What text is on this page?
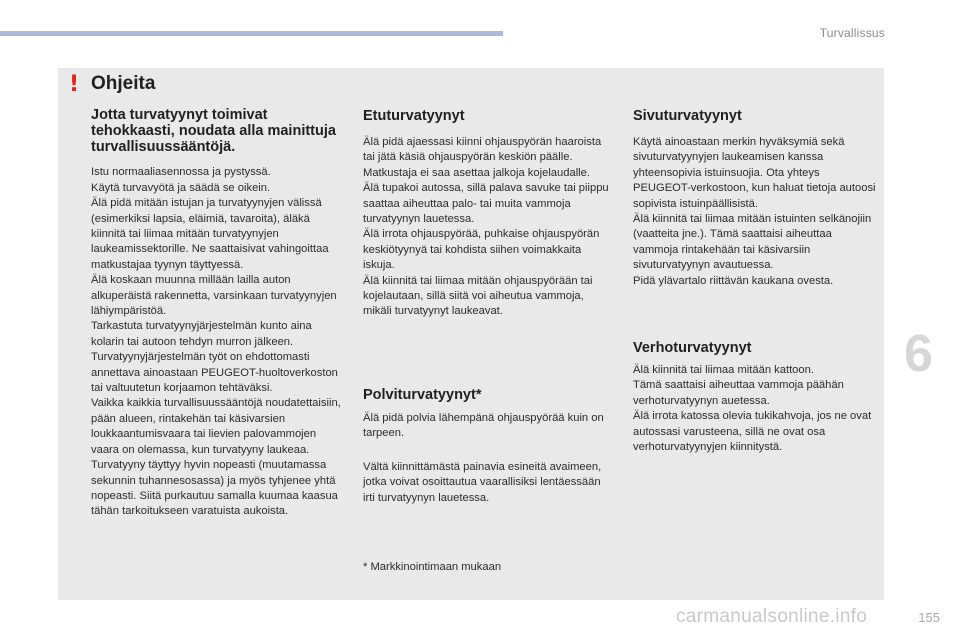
Turvallissus
! Ohjeita
Jotta turvatyynyt toimivat tehokkaasti, noudata alla mainittuja turvallisuussääntöjä.

Istu normaaliasennossa ja pystyssä.
Käytä turvavyötä ja säädä se oikein.
Älä pidä mitään istujan ja turvatyynyjen välissä (esimerkiksi lapsia, eläimiä, tavaroita), äläkä kiinnitä tai liimaa mitään turvatyynyjen laukeamissektorille. Ne saattaisivat vahingoittaa matkustajaa tyynyn täyttyessä.
Älä koskaan muunna millään lailla auton alkuperäistä rakennetta, varsinkaan turvatyynyjen lähiympäristöä.
Tarkastuta turvatyynyjärjestelmän kunto aina kolarin tai autoon tehdyn murron jälkeen.
Turvatyynyjärjestelmän työt on ehdottomasti annettava ainoastaan PEUGEOT-huoltoverkoston tai valtuutetun korjaamon tehtäväksi.
Vaikka kaikkia turvallisuussääntöjä noudatettaisiin, pään alueen, rintakehän tai käsivarsien loukkaantumisvaara tai lievien palovammojen vaara on olemassa, kun turvatyyny laukeaa. Turvatyyny täyttyy hyvin nopeasti (muutamassa sekunnin tuhannesosassa) ja myös tyhjenee yhtä nopeasti. Siitä purkautuu samalla kuumaa kaasua tähän tarkoitukseen varatuista aukoista.

Etuturvatyynyt

Älä pidä ajaessasi kiinni ohjauspyörän haaroista tai jätä käsiä ohjauspyörän keskiön päälle.
Matkustaja ei saa asettaa jalkoja kojelaudalle.
Älä tupakoi autossa, sillä palava savuke tai piippu saattaa aiheuttaa palo- tai muita vammoja turvatyynyn lauetessa.
Älä irrota ohjauspyörää, puhkaise ohjauspyörän keskiötyynyä tai kohdista siihen voimakkaita iskuja.
Älä kiinnitä tai liimaa mitään ohjauspyörään tai kojelautaan, sillä siitä voi aiheutua vammoja, mikäli turvatyynyt laukeavat.

Polviturvatyynyt*

Älä pidä polvia lähempänä ohjauspyörää kuin on tarpeen.

Vältä kiinnittämästä painavia esineitä avaimeen, jotka voivat osoittautua vaarallisiksi lentäessään irti turvatyynyn lauetessa.

* Markkinointimaan mukaan

Sivuturvatyynyt

Käytä ainoastaan merkin hyväksymiä sekä sivuturvatyynyjen laukeamisen kanssa yhteensopivia istuinsuojia. Ota yhteys PEUGEOT-verkostoon, kun haluat tietoja autoosi sopivista istuinpäällisistä.
Älä kiinnitä tai liimaa mitään istuinten selkänojiin (vaatteita jne.). Tämä saattaisi aiheuttaa vammoja rintakehään tai käsivarsiin sivuturvatyynyn avautuessa.
Pidä ylävartalo riittävän kaukana ovesta.

Verhoturvatyynyt

Älä kiinnitä tai liimaa mitään kattoon.
Tämä saattaisi aiheuttaa vammoja päähän verhoturvatyynyn auetessa.
Älä irrota katossa olevia tukikahvoja, jos ne ovat autossasi varusteena, sillä ne ovat osa verhoturvatyynyjen kiinnitystä.

6
carmanualsonline.info	155
